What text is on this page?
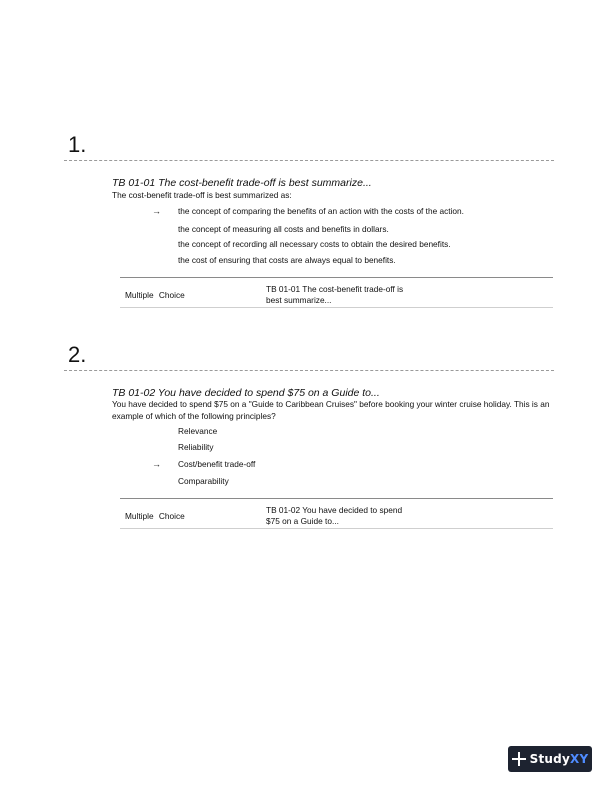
1.
TB 01-01 The cost-benefit trade-off is best summarize...
The cost-benefit trade-off is best summarized as:
→ the concept of comparing the benefits of an action with the costs of the action.
the concept of measuring all costs and benefits in dollars.
the concept of recording all necessary costs to obtain the desired benefits.
the cost of ensuring that costs are always equal to benefits.
Multiple Choice
TB 01-01 The cost-benefit trade-off is best summarize...
2.
TB 01-02 You have decided to spend $75 on a Guide to...
You have decided to spend $75 on a "Guide to Caribbean Cruises" before booking your winter cruise holiday. This is an example of which of the following principles?
Relevance
Reliability
→ Cost/benefit trade-off
Comparability
Multiple Choice
TB 01-02 You have decided to spend $75 on a Guide to...
StudyXY
